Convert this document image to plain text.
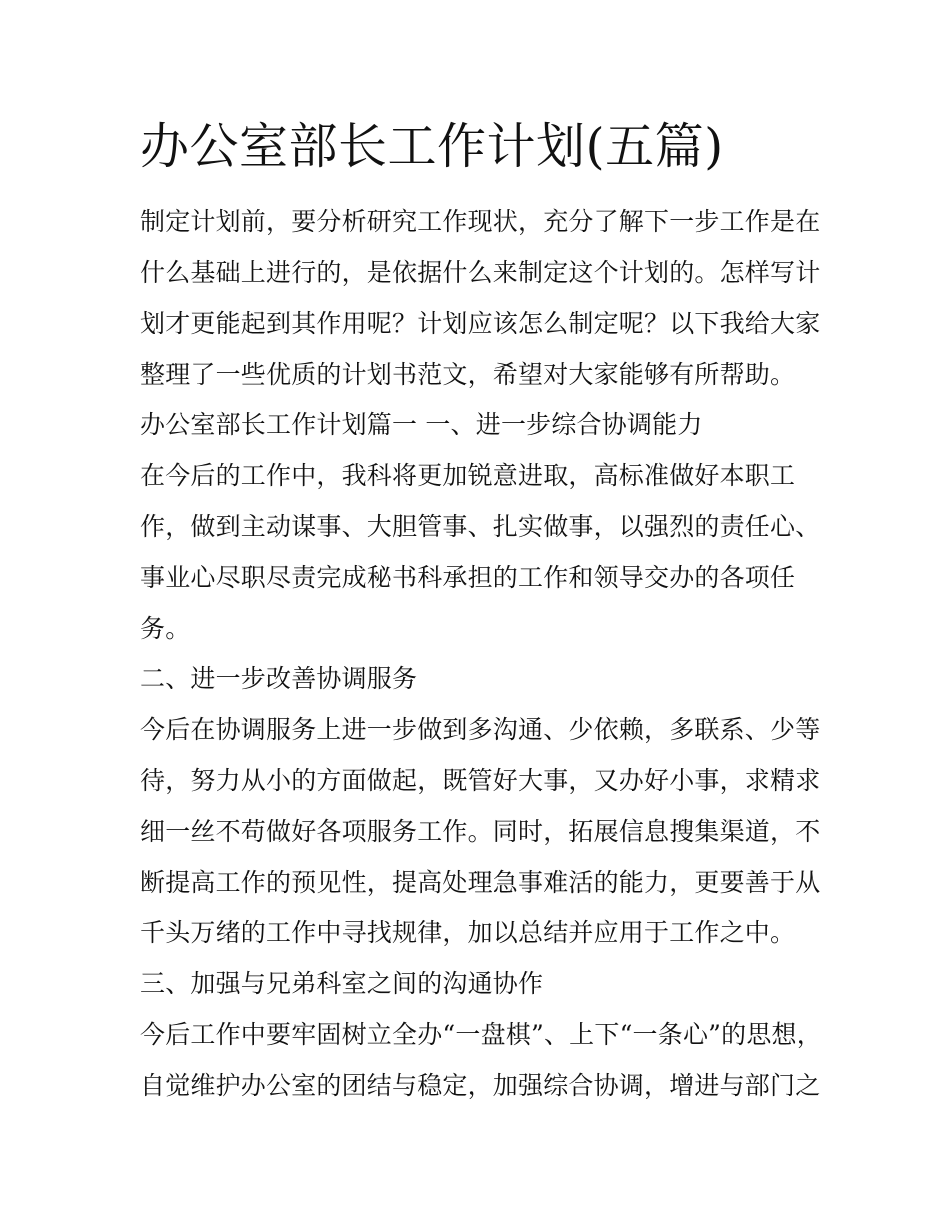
办公室部长工作计划(五篇)
制定计划前，要分析研究工作现状，充分了解下一步工作是在
什么基础上进行的，是依据什么来制定这个计划的。怎样写计
划才更能起到其作用呢？计划应该怎么制定呢？以下我给大家
整理了一些优质的计划书范文，希望对大家能够有所帮助。
办公室部长工作计划篇一 一、进一步综合协调能力
在今后的工作中，我科将更加锐意进取，高标准做好本职工
作，做到主动谋事、大胆管事、扎实做事，以强烈的责任心、
事业心尽职尽责完成秘书科承担的工作和领导交办的各项任
务。
二、进一步改善协调服务
今后在协调服务上进一步做到多沟通、少依赖，多联系、少等
待，努力从小的方面做起，既管好大事，又办好小事，求精求
细一丝不苟做好各项服务工作。同时，拓展信息搜集渠道，不
断提高工作的预见性，提高处理急事难活的能力，更要善于从
千头万绪的工作中寻找规律，加以总结并应用于工作之中。
三、加强与兄弟科室之间的沟通协作
今后工作中要牢固树立全办“一盘棋”、上下“一条心”的思想，
自觉维护办公室的团结与稳定，加强综合协调，增进与部门之
